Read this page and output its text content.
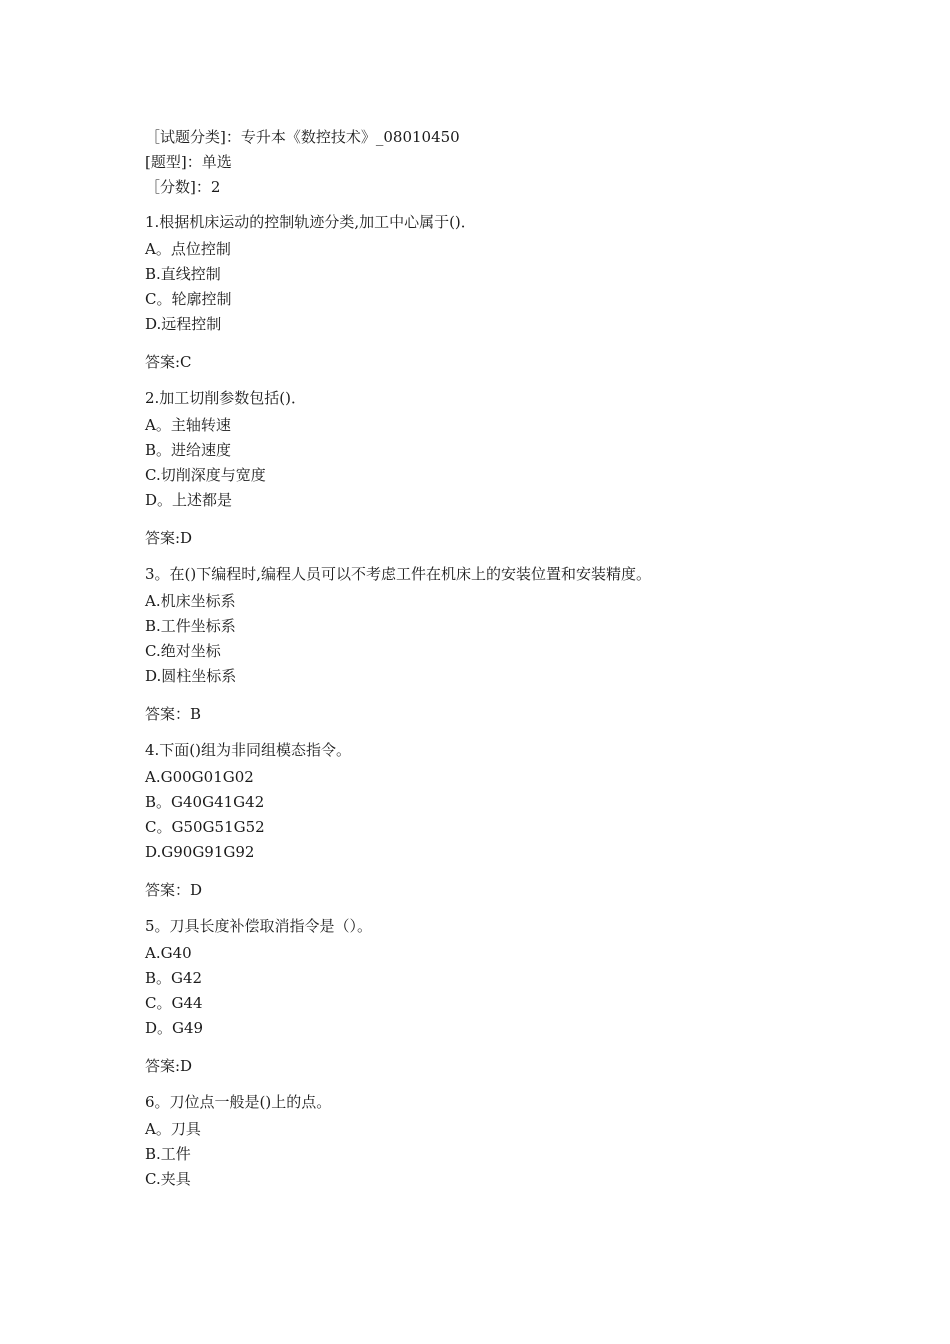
［试题分类]：专升本《数控技术》_08010450
[题型]：单选
［分数]：2
1.根据机床运动的控制轨迹分类,加工中心属于()．
A。点位控制
B.直线控制
C。轮廓控制
D.远程控制
答案:C
2.加工切削参数包括()．
A。主轴转速
B。进给速度
C.切削深度与宽度
D。上述都是
答案:D
3。在()下编程时,编程人员可以不考虑工件在机床上的安装位置和安装精度。
A.机床坐标系
B.工件坐标系
C.绝对坐标
D.圆柱坐标系
答案：B
4.下面()组为非同组模态指令。
A.G00G01G02
B。G40G41G42
C。G50G51G52
D.G90G91G92
答案：D
5。刀具长度补偿取消指令是（）。
A.G40
B。G42
C。G44
D。G49
答案:D
6。刀位点一般是()上的点。
A。刀具
B.工件
C.夹具
